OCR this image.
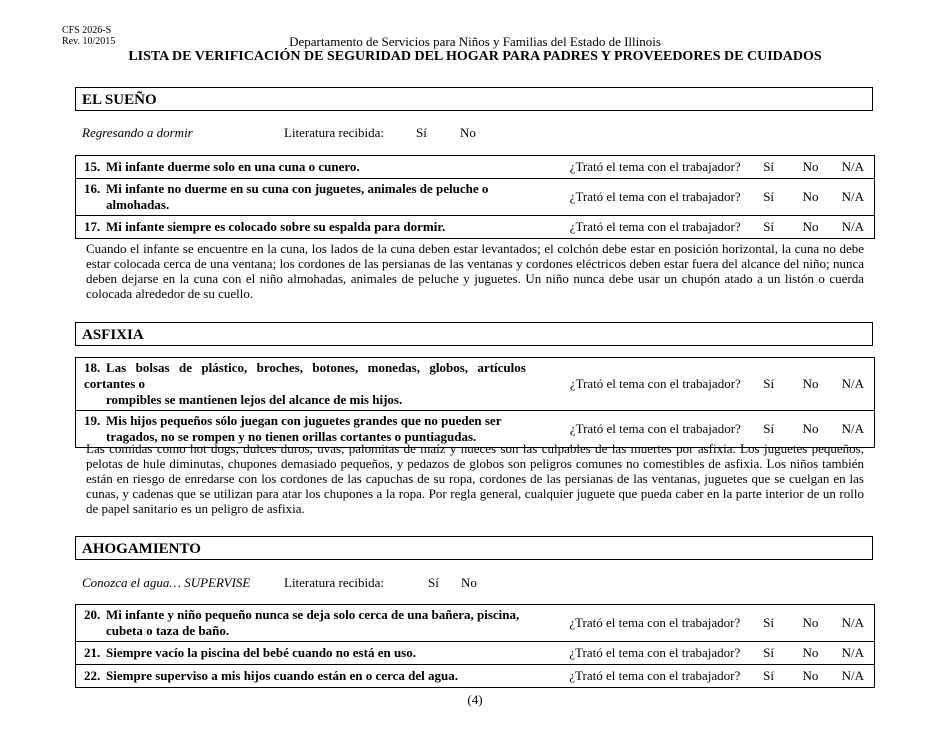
CFS 2026-S
Rev. 10/2015	Departamento de Servicios para Niños y Familias del Estado de Illinois
LISTA DE VERIFICACIÓN DE SEGURIDAD DEL HOGAR PARA PADRES Y PROVEEDORES DE CUIDADOS
EL SUEÑO
Regresando a dormir	Literatura recibida: Sí	No
15. Mi infante duerme solo en una cuna o cunero.	¿Trató el tema con el trabajador?	Sí	No	N/A

16. Mi infante no duerme en su cuna con juguetes, animales de peluche o
almohadas.	¿Trató el tema con el trabajador?	Sí	No	N/A

17. Mi infante siempre es colocado sobre su espalda para dormir.	¿Trató el tema con el trabajador?	Sí	No	N/A
Cuando el infante se encuentre en la cuna, los lados de la cuna deben estar levantados; el colchón debe estar en posición horizontal, la cuna no debe estar colocada cerca de una ventana; los cordones de las persianas de las ventanas y cordones eléctricos deben estar fuera del alcance del niño; nunca deben dejarse en la cuna con el niño almohadas, animales de peluche y juguetes. Un niño nunca debe usar un chupón atado a un listón o cuerda colocada alrededor de su cuello.
ASFIXIA
18. Las bolsas de plástico, broches, botones, monedas, globos, artículos cortantes o
rompibles se mantienen lejos del alcance de mis hijos.	¿Trató el tema con el trabajador?	Sí	No	N/A

19. Mis hijos pequeños sólo juegan con juguetes grandes que no pueden ser
tragados, no se rompen y no tienen orillas cortantes o puntiagudas.	¿Trató el tema con el trabajador?	Sí	No	N/A
Las comidas como hot dogs, dulces duros, uvas, palomitas de maíz y nueces son las culpables de las muertes por asfixia. Los juguetes pequeños, pelotas de hule diminutas, chupones demasiado pequeños, y pedazos de globos son peligros comunes no comestibles de asfixia. Los niños también están en riesgo de enredarse con los cordones de las capuchas de su ropa, cordones de las persianas de las ventanas, juguetes que se cuelgan en las cunas, y cadenas que se utilizan para atar los chupones a la ropa. Por regla general, cualquier juguete que pueda caber en la parte interior de un rollo de papel sanitario es un peligro de asfixia.
AHOGAMIENTO
Conozca el agua… SUPERVISE	Literatura recibida:	Sí No
20. Mi infante y niño pequeño nunca se deja solo cerca de una bañera, piscina,
cubeta o taza de baño.	¿Trató el tema con el trabajador?	Sí	No	N/A

21. Siempre vacío la piscina del bebé cuando no está en uso.	¿Trató el tema con el trabajador?	Sí	No	N/A

22. Siempre superviso a mis hijos cuando están en o cerca del agua.	¿Trató el tema con el trabajador?	Sí	No	N/A
(4)
